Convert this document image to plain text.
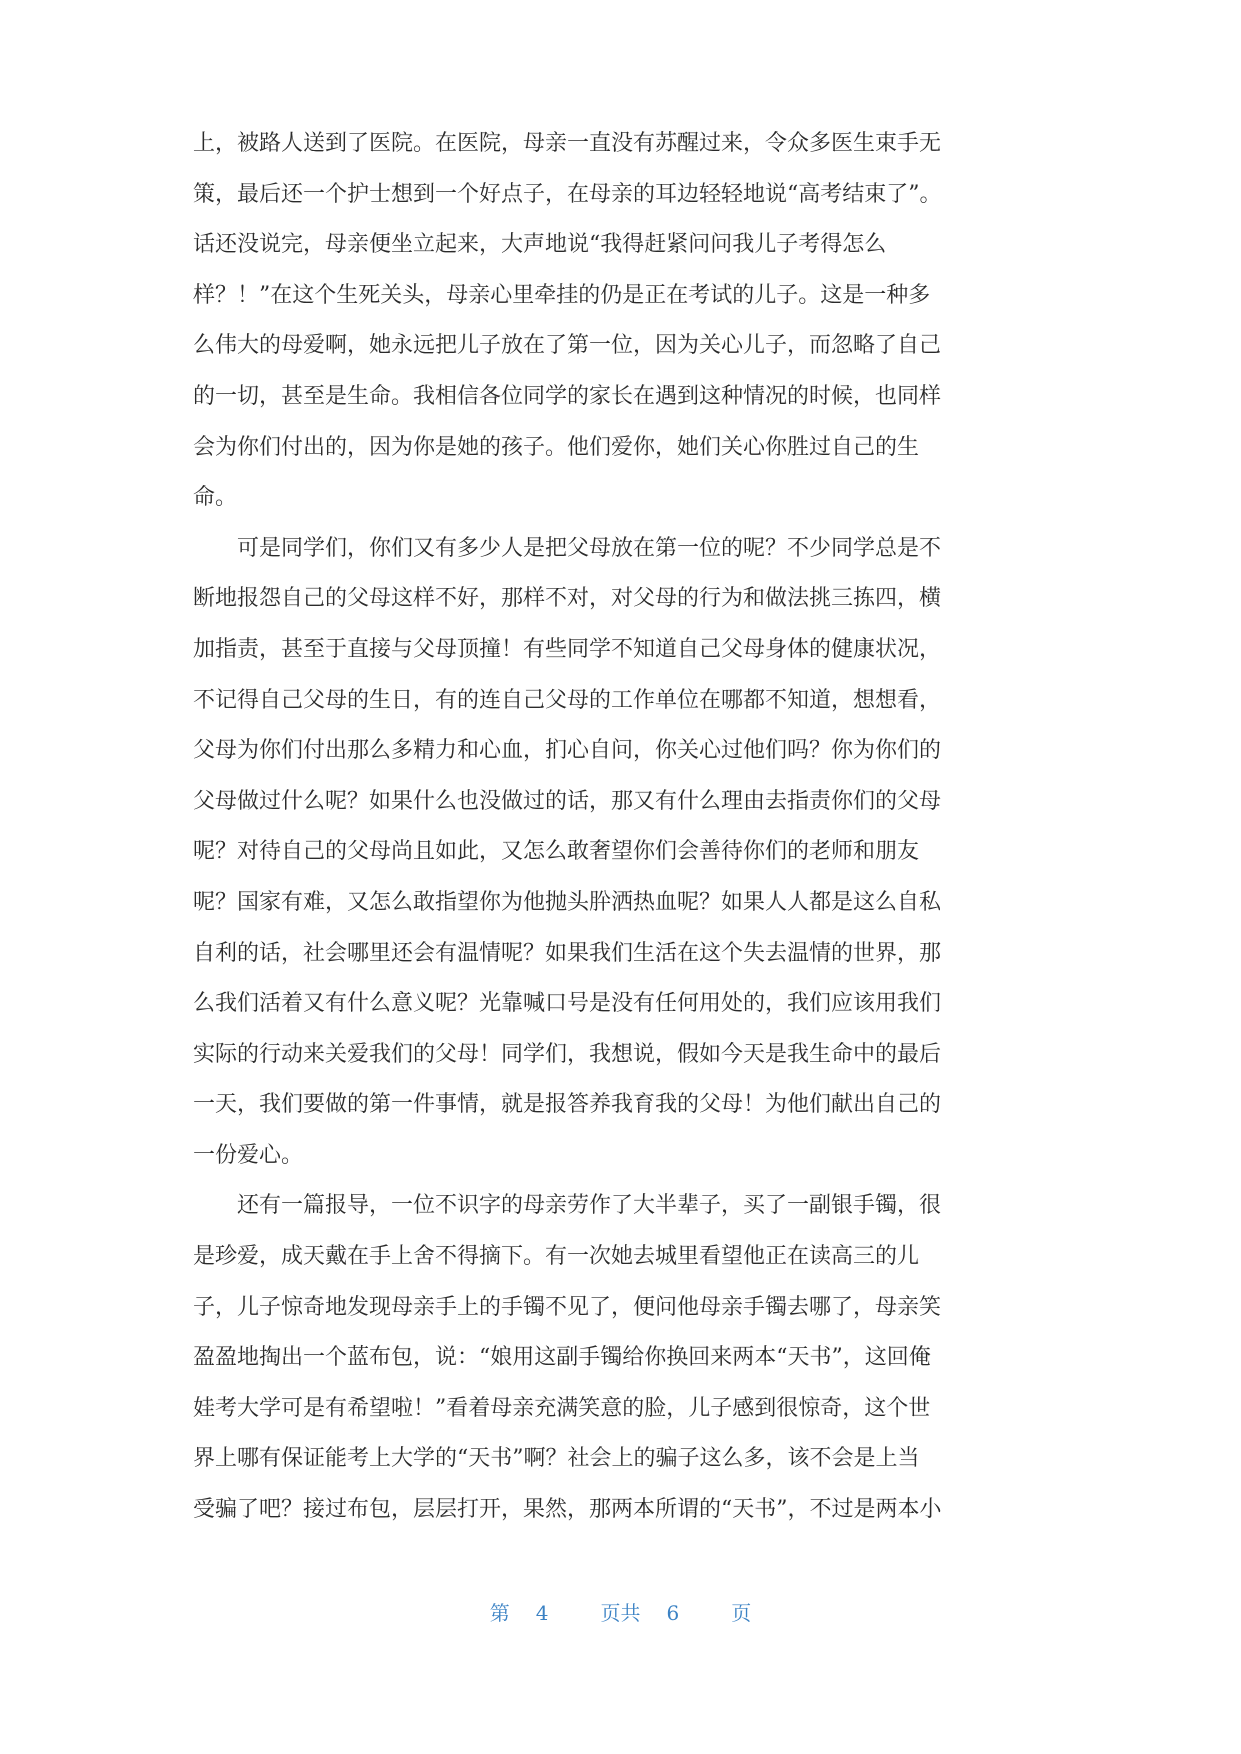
上，被路人送到了医院。在医院，母亲一直没有苏醒过来，令众多医生束手无
策，最后还一个护士想到一个好点子，在母亲的耳边轻轻地说“高考结束了”。
话还没说完，母亲便坐立起来，大声地说“我得赶紧问问我儿子考得怎么
样？！”在这个生死关头，母亲心里牵挂的仍是正在考试的儿子。这是一种多
么伟大的母爱啊，她永远把儿子放在了第一位，因为关心儿子，而忽略了自己
的一切，甚至是生命。我相信各位同学的家长在遇到这种情况的时候，也同样
会为你们付出的，因为你是她的孩子。他们爱你，她们关心你胜过自己的生
命。
　　可是同学们，你们又有多少人是把父母放在第一位的呢？不少同学总是不
断地报怨自己的父母这样不好，那样不对，对父母的行为和做法挑三拣四，横
加指责，甚至于直接与父母顶撞！有些同学不知道自己父母身体的健康状况，
不记得自己父母的生日，有的连自己父母的工作单位在哪都不知道，想想看，
父母为你们付出那么多精力和心血，扪心自问，你关心过他们吗？你为你们的
父母做过什么呢？如果什么也没做过的话，那又有什么理由去指责你们的父母
呢？对待自己的父母尚且如此，又怎么敢奢望你们会善待你们的老师和朋友
呢？国家有难，又怎么敢指望你为他抛头肸洒热血呢？如果人人都是这么自私
自利的话，社会哪里还会有温情呢？如果我们生活在这个失去温情的世界，那
么我们活着又有什么意义呢？光靠喊口号是没有任何用处的，我们应该用我们
实际的行动来关爱我们的父母！同学们，我想说，假如今天是我生命中的最后
一天，我们要做的第一件事情，就是报答养我育我的父母！为他们献出自己的
一份爱心。
　　还有一篇报导，一位不识字的母亲劳作了大半辈子，买了一副银手镯，很
是珍爱，成天戴在手上舍不得摘下。有一次她去城里看望他正在读高三的儿
子，儿子惊奇地发现母亲手上的手镯不见了，便问他母亲手镯去哪了，母亲笑
盈盈地掏出一个蓝布包，说：“娘用这副手镯给你换回来两本“天书”，这回俺
娃考大学可是有希望啦！”看着母亲充满笑意的脸，儿子感到很惊奇，这个世
界上哪有保证能考上大学的“天书”啊？社会上的骗子这么多，该不会是上当
受骗了吧？接过布包，层层打开，果然，那两本所谓的“天书”，不过是两本小
第 4	页共 6	页
